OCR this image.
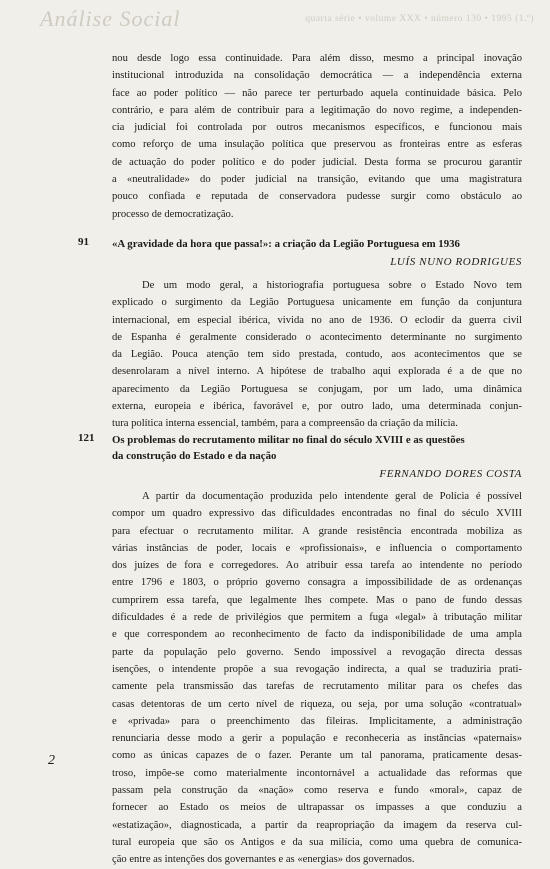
Análise Social	quarta série • volume XXX • número 130 • 1995 (1.º)

nou desde logo essa continuidade. Para além disso, mesmo a principal inovação

institucional introduzida na consolidação democrática — a independência externa

face ao poder político — não parece ter perturbado aquela continuidade básica. Pelo

contrário, e para além de contribuir para a legitimação do novo regime, a independen-

cia judicial foi controlada por outros mecanismos específicos, e funcionou mais

como reforço de uma insulação política que preservou as fronteiras entre as esferas

de actuação do poder político e do poder judicial. Desta forma se procurou garantir

a «neutralidade» do poder judicial na transição, evitando que uma magistratura

pouco confiada e reputada de conservadora pudesse surgir como obstáculo ao

processo de democratização.

91 «A gravidade da hora que passa!»: a criação da Legião Portuguesa em 1936
LUÍS NUNO RODRIGUES

De um modo geral, a historiografia portuguesa sobre o Estado Novo tem

explicado o surgimento da Legião Portuguesa unicamente em função da conjuntura

internacional, em especial ibérica, vivida no ano de 1936. O eclodir da guerra civil

de Espanha é geralmente considerado o acontecimento determinante no surgimento

da Legião. Pouca atenção tem sido prestada, contudo, aos acontecimentos que se

desenrolaram a nível interno. A hipótese de trabalho aqui explorada é a de que no

aparecimento da Legião Portuguesa se conjugam, por um lado, uma dinâmica

externa, europeia e ibérica, favorável e, por outro lado, uma determinada conjun-

tura política interna essencial, também, para a compreensão da criação da milícia.

121 Os problemas do recrutamento militar no final do século XVIII e as questões
da construção do Estado e da nação
FERNANDO DORES COSTA

A partir da documentação produzida pelo intendente geral de Polícia é possível

compor um quadro expressivo das dificuldades encontradas no final do século XVIII

para efectuar o recrutamento militar. A grande resistência encontrada mobiliza as

várias instâncias de poder, locais e «profissionais», e influencia o comportamento

dos juízes de fora e corregedores. Ao atribuir essa tarefa ao intendente no período

entre 1796 e 1803, o próprio governo consagra a impossibilidade de as ordenanças

cumprirem essa tarefa, que legalmente lhes compete. Mas o pano de fundo dessas

dificuldades é a rede de privilégios que permitem a fuga «legal» à tributação militar

e que correspondem ao reconhecimento de facto da indisponibilidade de uma ampla

parte da população pelo governo. Sendo impossível a revogação directa dessas

isenções, o intendente propõe a sua revogação indirecta, a qual se traduziria prati-

camente pela transmissão das tarefas de recrutamento militar para os chefes das

casas detentoras de um certo nível de riqueza, ou seja, por uma solução «contratual»

e «privada» para o preenchimento das fileiras. Implicitamente, a administração

renunciaria desse modo a gerir a população e reconheceria as instâncias «paternais»

como as únicas capazes de o fazer. Perante um tal panorama, praticamente desas-

troso, impõe-se como materialmente incontornável a actualidade das reformas que

passam pela construção da «nação» como reserva e fundo «moral», capaz de

fornecer ao Estado os meios de ultrapassar os impasses a que conduziu a

«estatização», diagnosticada, a partir da reapropriação da imagem da reserva cul-

tural europeia que são os Antigos e da sua milícia, como uma quebra de comunica-

ção entre as intenções dos governantes e as «energias» dos governados.

2
